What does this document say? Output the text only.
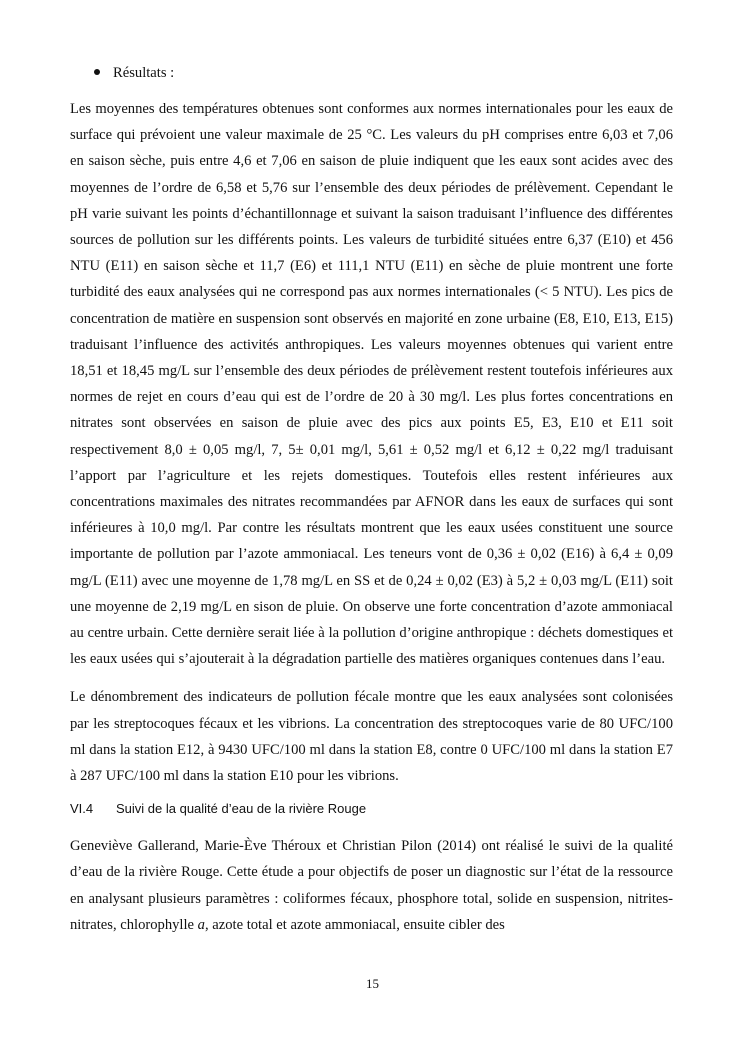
Résultats :

Les moyennes des températures obtenues sont conformes aux normes internationales pour les eaux de surface qui prévoient une valeur maximale de 25 °C. Les valeurs du pH comprises entre 6,03 et 7,06 en saison sèche, puis entre 4,6 et 7,06 en saison de pluie indiquent que les eaux sont acides avec des moyennes de l’ordre de 6,58 et 5,76 sur l’ensemble des deux périodes de prélèvement. Cependant le pH varie suivant les points d’échantillonnage et suivant la saison traduisant l’influence des différentes sources de pollution sur les différents points. Les valeurs de turbidité situées entre 6,37 (E10) et 456 NTU (E11) en saison sèche et 11,7 (E6) et 111,1 NTU (E11) en sèche de pluie montrent une forte turbidité des eaux analysées qui ne correspond pas aux normes internationales (< 5 NTU). Les pics de concentration de matière en suspension sont observés en majorité en zone urbaine (E8, E10, E13, E15) traduisant l’influence des activités anthropiques. Les valeurs moyennes obtenues qui varient entre 18,51 et 18,45 mg/L sur l’ensemble des deux périodes de prélèvement restent toutefois inférieures aux normes de rejet en cours d’eau qui est de l’ordre de 20 à 30 mg/l. Les plus fortes concentrations en nitrates sont observées en saison de pluie avec des pics aux points E5, E3, E10 et E11 soit respectivement 8,0 ± 0,05 mg/l, 7, 5± 0,01 mg/l, 5,61 ± 0,52 mg/l et 6,12 ± 0,22 mg/l traduisant l’apport par l’agriculture et les rejets domestiques. Toutefois elles restent inférieures aux concentrations maximales des nitrates recommandées par AFNOR dans les eaux de surfaces qui sont inférieures à 10,0 mg/l. Par contre les résultats montrent que les eaux usées constituent une source importante de pollution par l’azote ammoniacal. Les teneurs vont de 0,36 ± 0,02 (E16) à 6,4 ± 0,09 mg/L (E11) avec une moyenne de 1,78 mg/L en SS et de 0,24 ± 0,02 (E3) à 5,2 ± 0,03 mg/L (E11) soit une moyenne de 2,19 mg/L en sison de pluie. On observe une forte concentration d’azote ammoniacal au centre urbain. Cette dernière serait liée à la pollution d’origine anthropique : déchets domestiques et les eaux usées qui s’ajouterait à la dégradation partielle des matières organiques contenues dans l’eau.

Le dénombrement des indicateurs de pollution fécale montre que les eaux analysées sont colonisées par les streptocoques fécaux et les vibrions. La concentration des streptocoques varie de 80 UFC/100 ml dans la station E12, à 9430 UFC/100 ml dans la station E8, contre 0 UFC/100 ml dans la station E7 à 287 UFC/100 ml dans la station E10 pour les vibrions.

VI.4 Suivi de la qualité d’eau de la rivière Rouge

Geneviève Gallerand, Marie-Ève Théroux et Christian Pilon (2014) ont réalisé le suivi de la qualité d’eau de la rivière Rouge. Cette étude a pour objectifs de poser un diagnostic sur l’état de la ressource en analysant plusieurs paramètres : coliformes fécaux, phosphore total, solide en suspension, nitrites-nitrates, chlorophylle a, azote total et azote ammoniacal, ensuite cibler des

15
